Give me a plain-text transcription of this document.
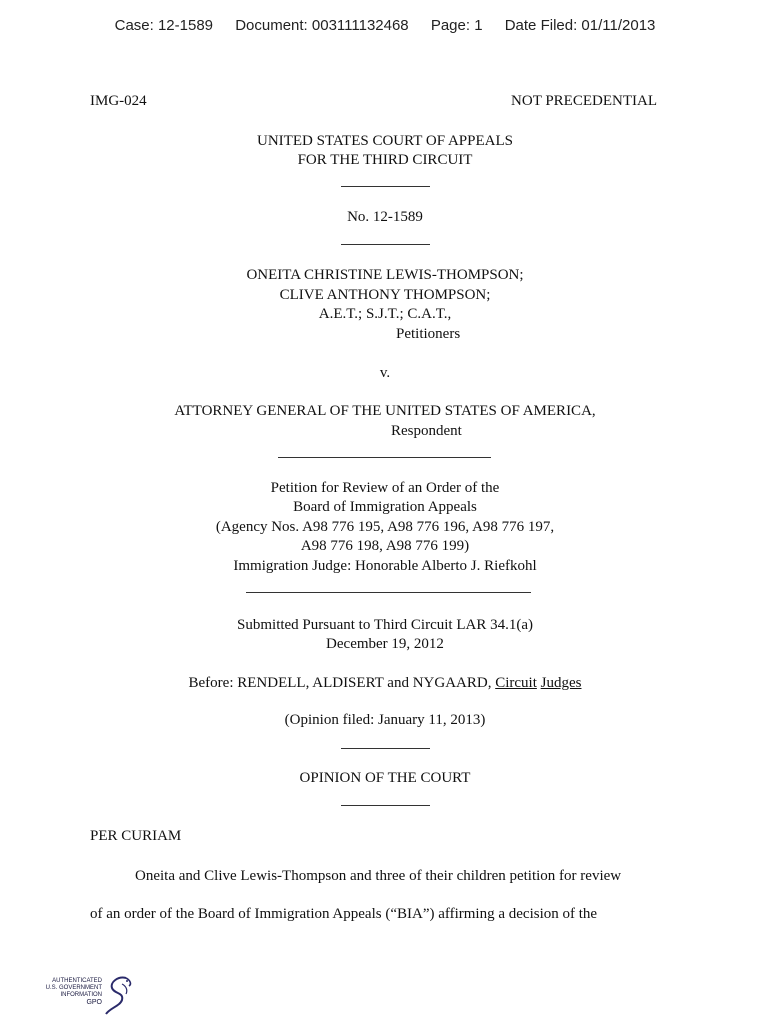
Case: 12-1589 Document: 003111132468 Page: 1 Date Filed: 01/11/2013
IMG-024	NOT PRECEDENTIAL
UNITED STATES COURT OF APPEALS
FOR THE THIRD CIRCUIT
No. 12-1589
ONEITA CHRISTINE LEWIS-THOMPSON;
CLIVE ANTHONY THOMPSON;
A.E.T.; S.J.T.; C.A.T.,
Petitioners
v.
ATTORNEY GENERAL OF THE UNITED STATES OF AMERICA,
Respondent
Petition for Review of an Order of the
Board of Immigration Appeals
(Agency Nos. A98 776 195, A98 776 196, A98 776 197,
A98 776 198, A98 776 199)
Immigration Judge: Honorable Alberto J. Riefkohl
Submitted Pursuant to Third Circuit LAR 34.1(a)
December 19, 2012
Before: RENDELL, ALDISERT and NYGAARD, Circuit Judges
(Opinion filed: January 11, 2013)
OPINION OF THE COURT
PER CURIAM
Oneita and Clive Lewis-Thompson and three of their children petition for review
of an order of the Board of Immigration Appeals (“BIA”) affirming a decision of the
AUTHENTICATED
U.S. GOVERNMENT
INFORMATION
GPO
